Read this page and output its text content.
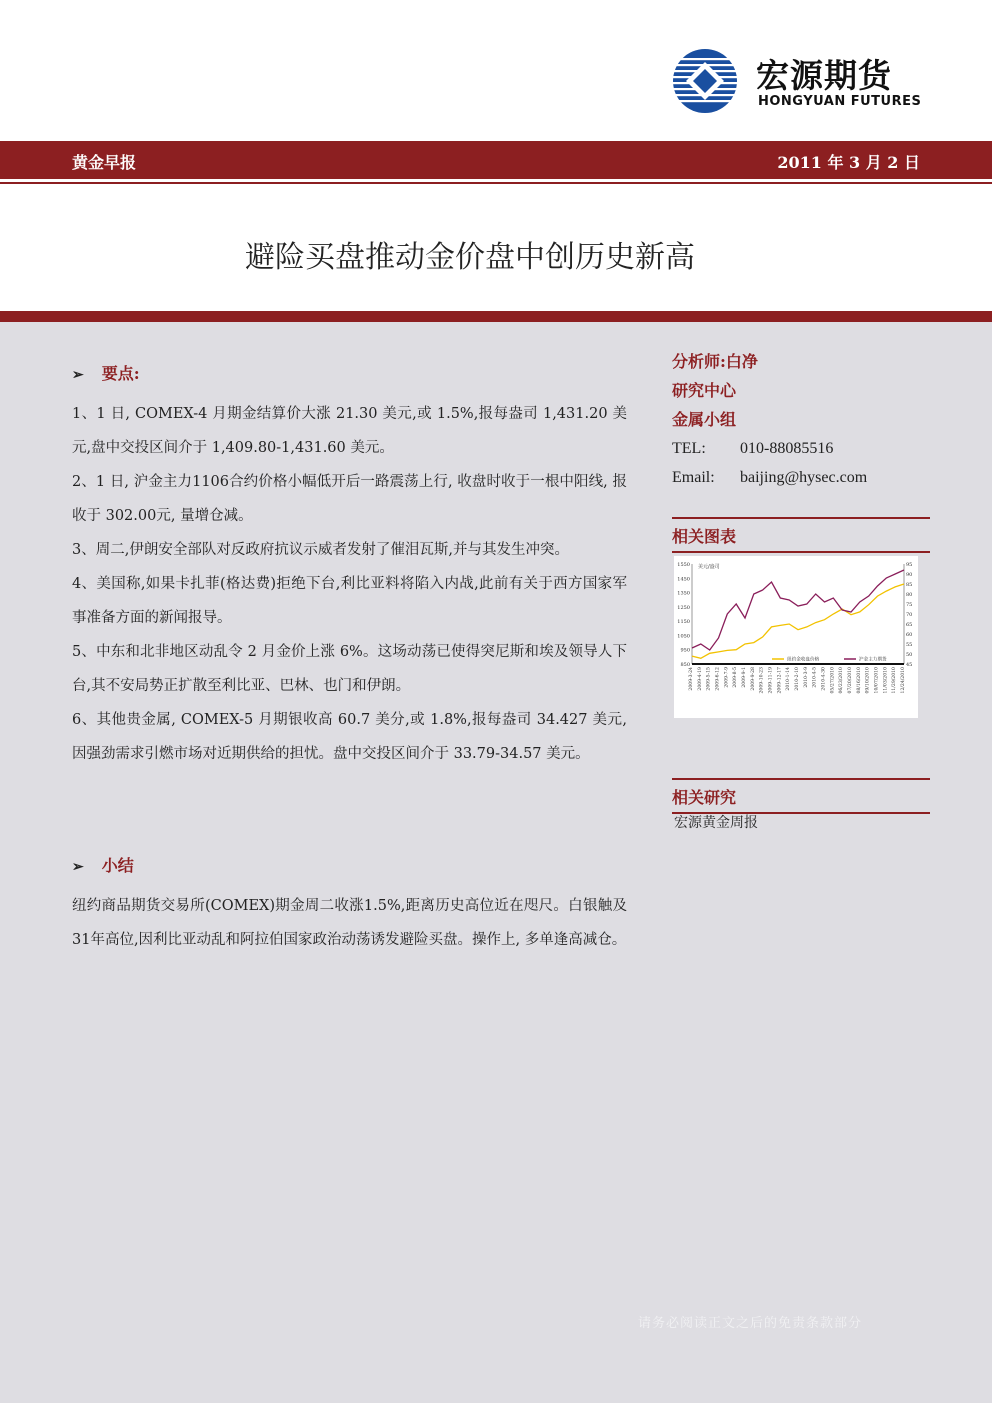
宏源期货
HONGYUAN FUTURES
黄金早报	2011 年 3 月 2 日
避险买盘推动金价盘中创历史新高
➢ 要点:

1、1 日, COMEX-4 月期金结算价大涨 21.30 美元,或 1.5%,报每盎司 1,431.20 美元,盘中交投区间介于 1,409.80-1,431.60 美元。

2、1 日, 沪金主力1106合约价格小幅低开后一路震荡上行, 收盘时收于一根中阳线, 报收于 302.00元, 量增仓减。

3、周二,伊朗安全部队对反政府抗议示威者发射了催泪瓦斯,并与其发生冲突。

4、美国称,如果卡扎菲(格达费)拒绝下台,利比亚料将陷入内战,此前有关于西方国家军事准备方面的新闻报导。

5、中东和北非地区动乱令 2 月金价上涨 6%。这场动荡已使得突尼斯和埃及领导人下台,其不安局势正扩散至利比亚、巴林、也门和伊朗。

6、其他贵金属, COMEX-5 月期银收高 60.7 美分,或 1.8%,报每盎司 34.427 美元,因强劲需求引燃市场对近期供给的担忧。盘中交投区间介于 33.79-34.57 美元。

➢ 小结

纽约商品期货交易所(COMEX)期金周二收涨1.5%,距离历史高位近在咫尺。白银触及31年高位,因利比亚动乱和阿拉伯国家政治动荡诱发避险买盘。操作上, 多单逢高减仓。

分析师:白净
研究中心
金属小组
TEL: 010-88085516
Email: baijing@hysec.com
相关图表
850
950
1050
1150
1250
1350
1450
1550
45
50
55
60
65
70
75
80
85
90
95
美元/盎司
2009-3-24 2009-4-19 2009-5-15 2009-6-12 2009-7-9 2009-8-5 2009-9-1 2009-9-28 2009-10-23 2009-11-19 2009-12-17 2010-1-14 2010-2-10 2010-3-9 2010-4-5 2010-4-30 05/27/2010 06/23/2010 07/20/2010 08/16/2010 09/10/2010 10/07/2010 11/03/2010 11/29/2010 12/24/2010
纽约金收盘价格	沪金主力期货
相关研究
宏源黄金周报
请务必阅读正文之后的免责条款部分
